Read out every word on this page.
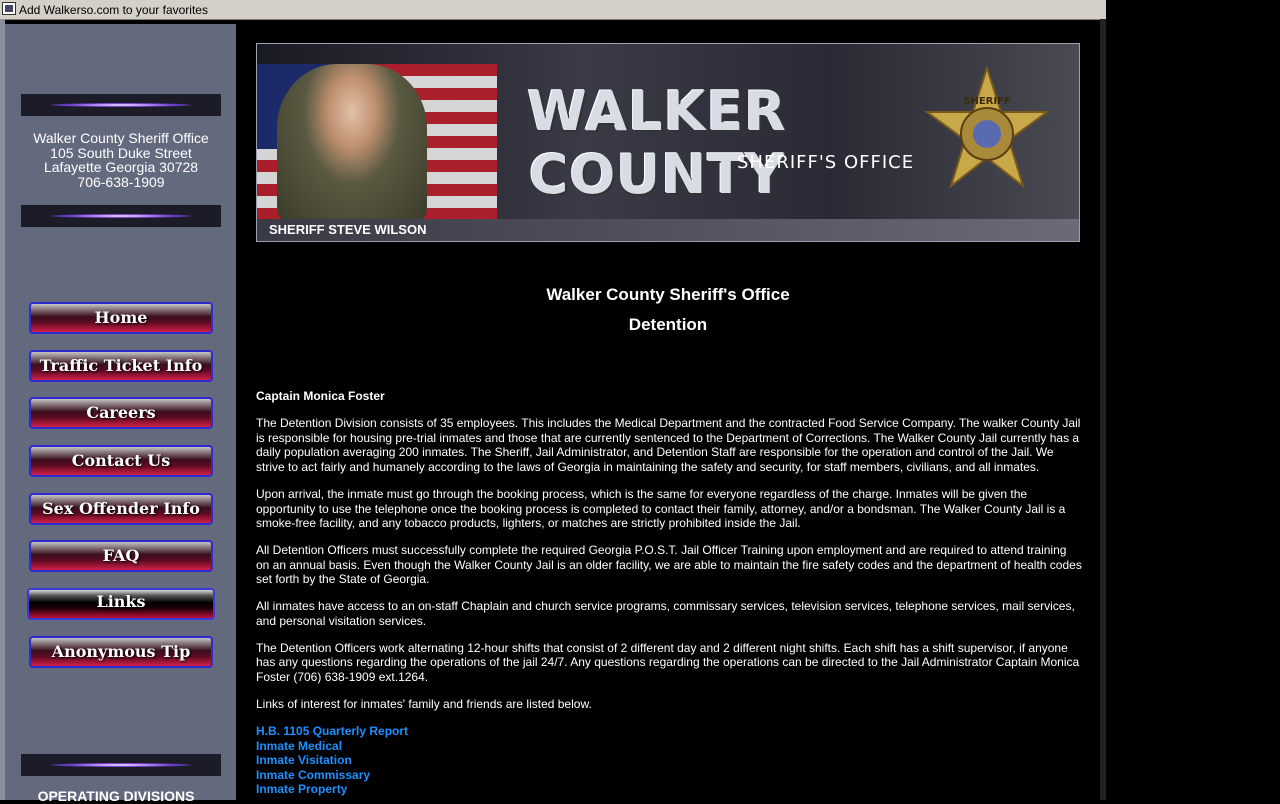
Add Walkerso.com to your favorites
Walker County Sheriff Office
105 South Duke Street
Lafayette Georgia 30728
706-638-1909
Home
Traffic Ticket Info
Careers
Contact Us
Sex Offender Info
FAQ
Links
Anonymous Tip
OPERATING DIVISIONS
WALKER COUNTY
SHERIFF'S OFFICE
SHERIFF
SHERIFF STEVE WILSON
Walker County Sheriff's Office
Detention

Captain Monica Foster

The Detention Division consists of 35 employees. This includes the Medical Department and the contracted Food Service Company. The walker County Jail is responsible for housing pre-trial inmates and those that are currently sentenced to the Department of Corrections. The Walker County Jail currently has a daily population averaging 200 inmates. The Sheriff, Jail Administrator, and Detention Staff are responsible for the operation and control of the Jail. We strive to act fairly and humanely according to the laws of Georgia in maintaining the safety and security, for staff members, civilians, and all inmates.

Upon arrival, the inmate must go through the booking process, which is the same for everyone regardless of the charge. Inmates will be given the opportunity to use the telephone once the booking process is completed to contact their family, attorney, and/or a bondsman. The Walker County Jail is a smoke-free facility, and any tobacco products, lighters, or matches are strictly prohibited inside the Jail.

All Detention Officers must successfully complete the required Georgia P.O.S.T. Jail Officer Training upon employment and are required to attend training on an annual basis. Even though the Walker County Jail is an older facility, we are able to maintain the fire safety codes and the department of health codes set forth by the State of Georgia.

All inmates have access to an on-staff Chaplain and church service programs, commissary services, television services, telephone services, mail services, and personal visitation services.

The Detention Officers work alternating 12-hour shifts that consist of 2 different day and 2 different night shifts. Each shift has a shift supervisor, if anyone has any questions regarding the operations of the jail 24/7. Any questions regarding the operations can be directed to the Jail Administrator Captain Monica Foster (706) 638-1909 ext.1264.

Links of interest for inmates' family and friends are listed below.

H.B. 1105 Quarterly Report
Inmate Medical
Inmate Visitation
Inmate Commissary
Inmate Property
